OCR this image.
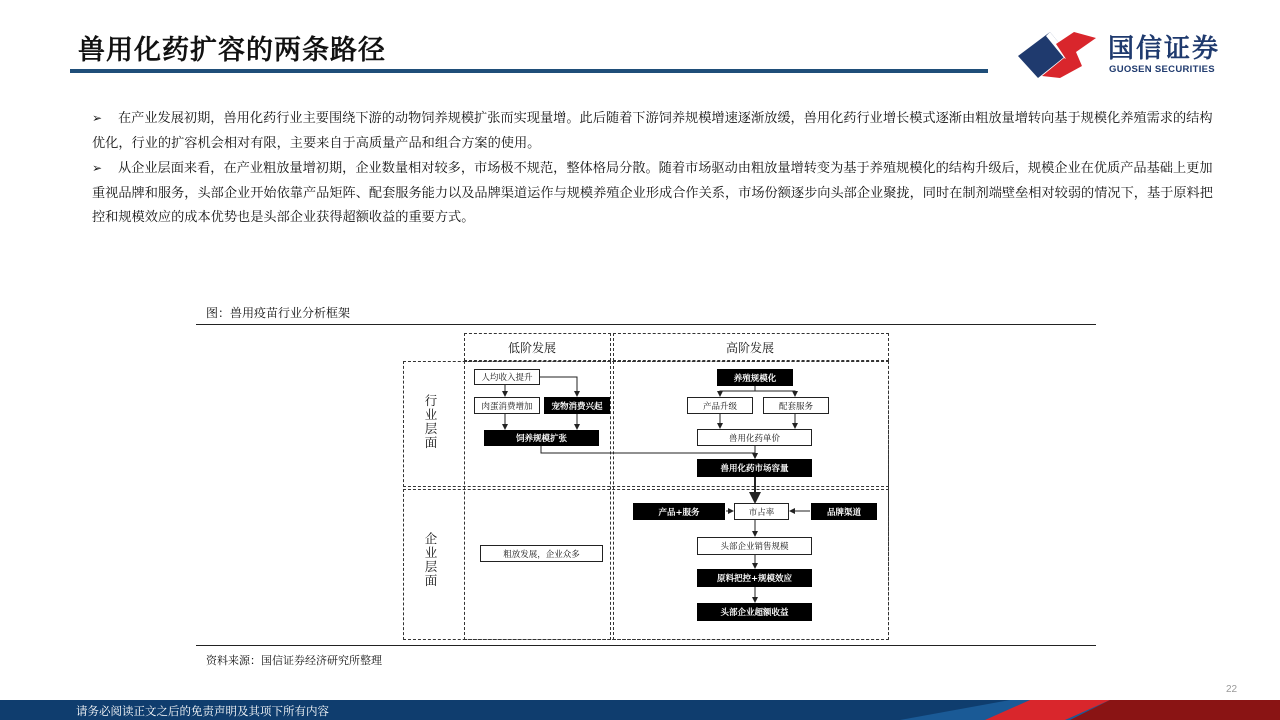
兽用化药扩容的两条路径	国信证券
GUOSEN SECURITIES

➢ 在产业发展初期，兽用化药行业主要围绕下游的动物饲养规模扩张而实现量增。此后随着下游饲养规模增速逐渐放缓，兽用化药行业增长模式逐渐由粗放量增转向基于规模化养殖需求的结构优化，行业的扩容机会相对有限，主要来自于高质量产品和组合方案的使用。

➢ 从企业层面来看，在产业粗放量增初期，企业数量相对较多，市场极不规范，整体格局分散。随着市场驱动由粗放量增转变为基于养殖规模化的结构升级后，规模企业在优质产品基础上更加重视品牌和服务，头部企业开始依靠产品矩阵、配套服务能力以及品牌渠道运作与规模养殖企业形成合作关系，市场份额逐步向头部企业聚拢，同时在制剂端壁垒相对较弱的情况下，基于原料把控和规模效应的成本优势也是头部企业获得超额收益的重要方式。

图：兽用疫苗行业分析框架
低阶发展	高阶发展
行业层面
企业层面
人均收入提升
肉蛋消费增加	宠物消费兴起
饲养规模扩张
粗放发展，企业众多
养殖规模化
产品升级	配套服务
兽用化药单价
兽用化药市场容量
产品+服务	市占率	品牌渠道
头部企业销售规模
原料把控+规模效应
头部企业超额收益
资料来源：国信证券经济研究所整理
22
请务必阅读正文之后的免责声明及其项下所有内容
